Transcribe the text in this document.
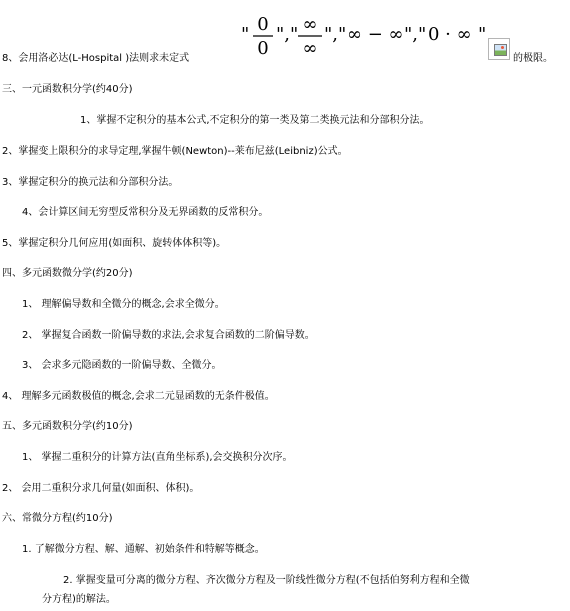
8、会用洛必达(L-Hospital )法则求未定式
" 0
0
"," ∞
∞
"," ∞ − ∞ "," 0 · ∞ "
的极限。
三、一元函数积分学(约40分)
1、掌握不定积分的基本公式,不定积分的第一类及第二类换元法和分部积分法。
2、掌握变上限积分的求导定理,掌握牛顿(Newton)--莱布尼兹(Leibniz)公式。
3、掌握定积分的换元法和分部积分法。
4、会计算区间无穷型反常积分及无界函数的反常积分。
5、掌握定积分几何应用(如面积、旋转体体积等)。
四、多元函数微分学(约20分)
1、 理解偏导数和全微分的概念,会求全微分。
2、 掌握复合函数一阶偏导数的求法,会求复合函数的二阶偏导数。
3、 会求多元隐函数的一阶偏导数、全微分。
4、 理解多元函数极值的概念,会求二元显函数的无条件极值。
五、多元函数积分学(约10分)
1、 掌握二重积分的计算方法(直角坐标系),会交换积分次序。
2、 会用二重积分求几何量(如面积、体积)。
六、常微分方程(约10分)
1. 了解微分方程、解、通解、初始条件和特解等概念。
2. 掌握变量可分离的微分方程、齐次微分方程及一阶线性微分方程(不包括伯努利方程和全微
分方程)的解法。
